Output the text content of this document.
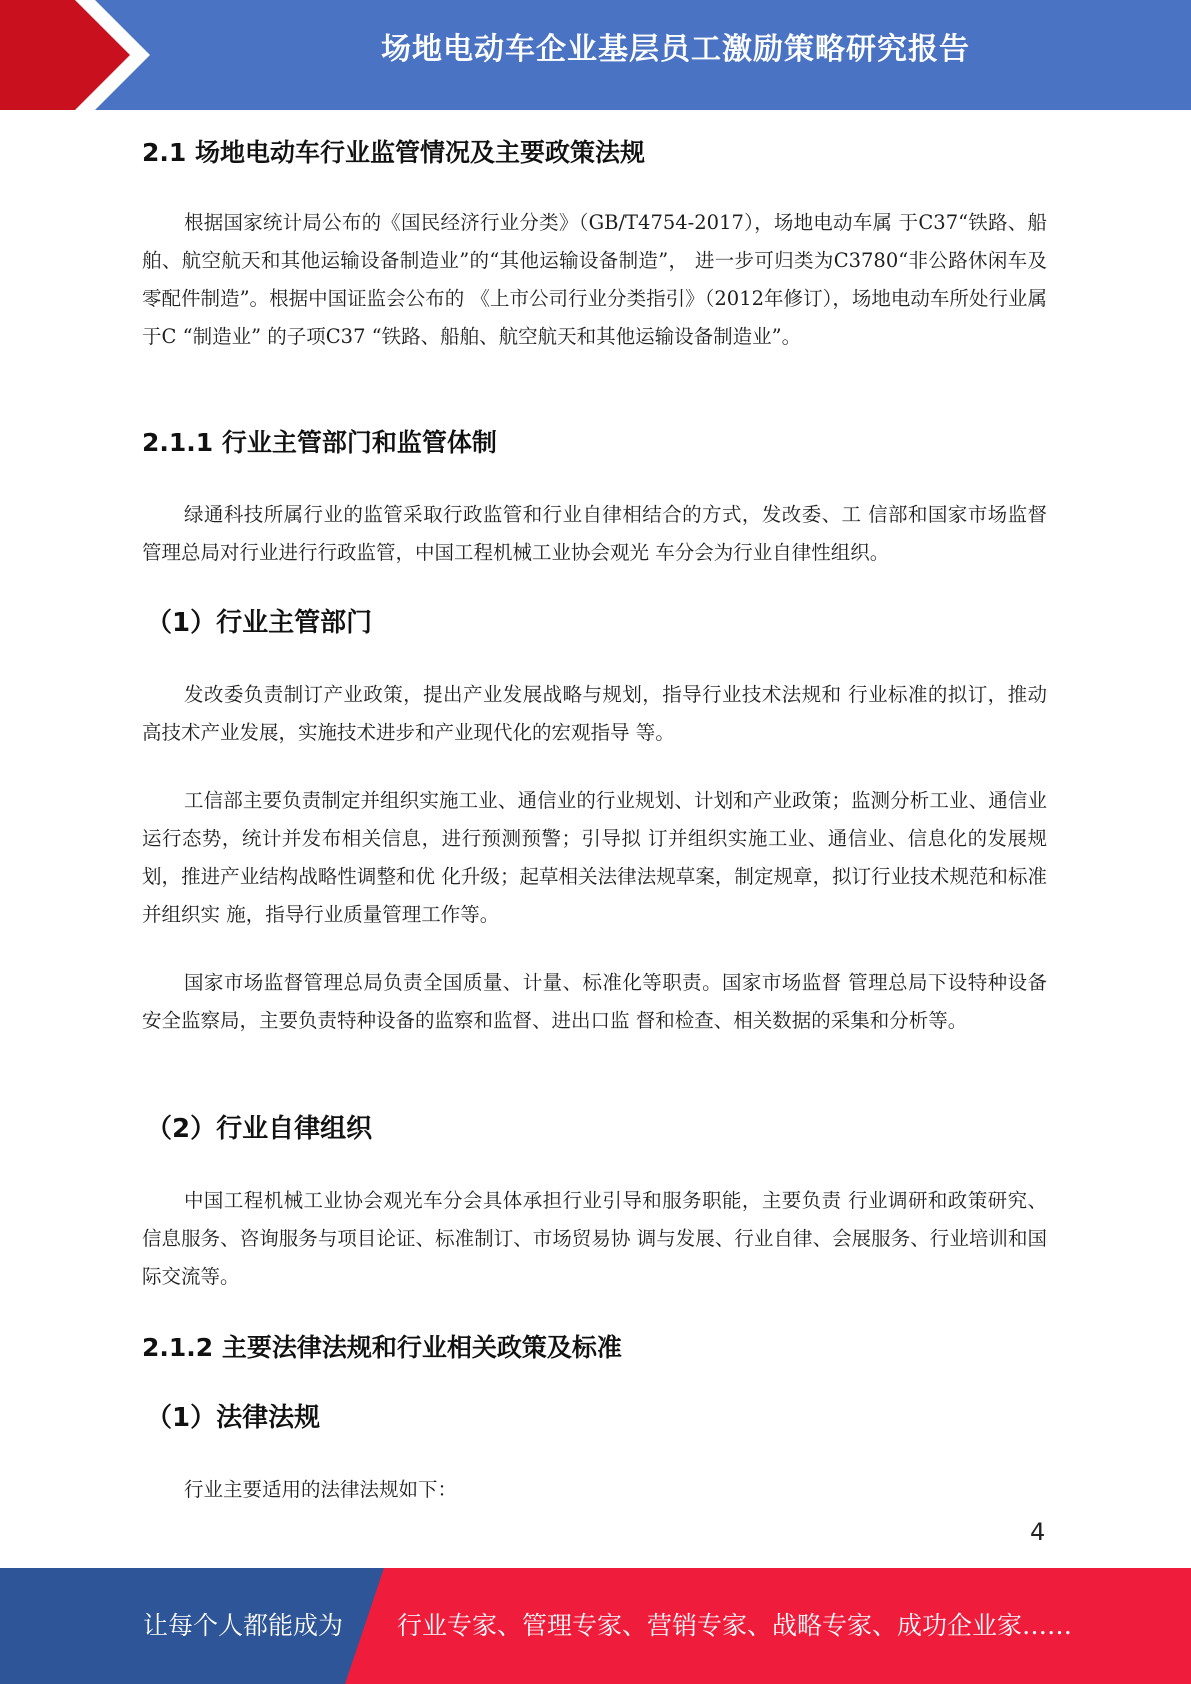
场地电动车企业基层员工激励策略研究报告
2.1 场地电动车行业监管情况及主要政策法规
根据国家统计局公布的《国民经济行业分类》（GB/T4754-2017），场地电动车属 于C37“铁路、船舶、航空航天和其他运输设备制造业”的“其他运输设备制造”， 进一步可归类为C3780“非公路休闲车及零配件制造”。根据中国证监会公布的 《上市公司行业分类指引》（2012年修订），场地电动车所处行业属于C “制造业” 的子项C37 “铁路、船舶、航空航天和其他运输设备制造业”。
2.1.1 行业主管部门和监管体制
绿通科技所属行业的监管采取行政监管和行业自律相结合的方式，发改委、工 信部和国家市场监督管理总局对行业进行行政监管，中国工程机械工业协会观光 车分会为行业自律性组织。
（1）行业主管部门
发改委负责制订产业政策，提出产业发展战略与规划，指导行业技术法规和 行业标准的拟订，推动高技术产业发展，实施技术进步和产业现代化的宏观指导 等。
工信部主要负责制定并组织实施工业、通信业的行业规划、计划和产业政策；监测分析工业、通信业运行态势，统计并发布相关信息，进行预测预警；引导拟 订并组织实施工业、通信业、信息化的发展规划，推进产业结构战略性调整和优 化升级；起草相关法律法规草案，制定规章，拟订行业技术规范和标准并组织实 施，指导行业质量管理工作等。
国家市场监督管理总局负责全国质量、计量、标准化等职责。国家市场监督 管理总局下设特种设备安全监察局，主要负责特种设备的监察和监督、进出口监 督和检查、相关数据的采集和分析等。
（2）行业自律组织
中国工程机械工业协会观光车分会具体承担行业引导和服务职能，主要负责 行业调研和政策研究、信息服务、咨询服务与项目论证、标准制订、市场贸易协 调与发展、行业自律、会展服务、行业培训和国际交流等。
2.1.2 主要法律法规和行业相关政策及标准
（1）法律法规
行业主要适用的法律法规如下：
4
让每个人都能成为 行业专家、管理专家、营销专家、战略专家、成功企业家……
